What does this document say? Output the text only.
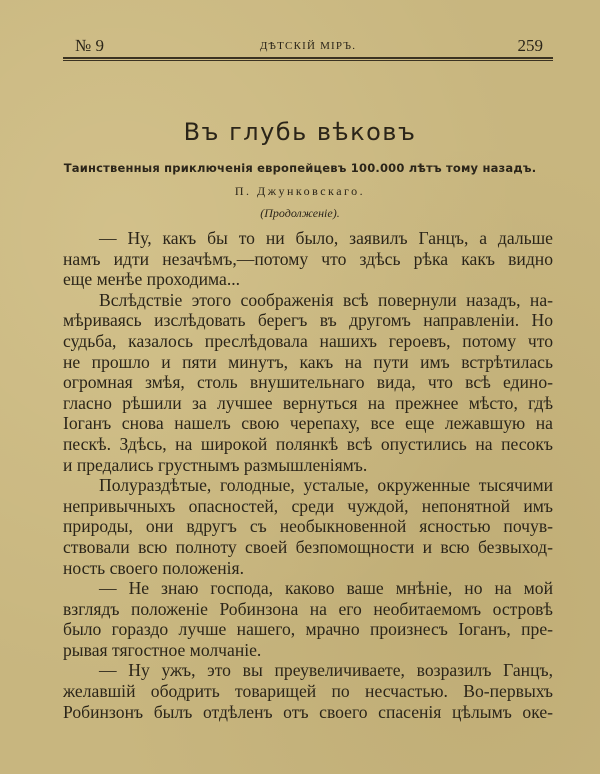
№ 9	ДѢТСКІЙ МІРЪ.	259
Въ глубь вѣковъ
Таинственныя приключенія европейцевъ 100.000 лѣтъ тому назадъ.
П. Джунковскаго.
(Продолженіе).
— Ну, какъ бы то ни было, заявилъ Ганцъ, а дальше
намъ идти незачѣмъ,—потому что здѣсь рѣка какъ видно
еще менѣе проходима...
Вслѣдствіе этого соображенія всѣ повернули назадъ, на-
мѣриваясь изслѣдовать берегъ въ другомъ направленіи. Но
судьба, казалось преслѣдовала нашихъ героевъ, потому что
не прошло и пяти минутъ, какъ на пути имъ встрѣтилась
огромная змѣя, столь внушительнаго вида, что всѣ едино-
гласно рѣшили за лучшее вернуться на прежнее мѣсто, гдѣ
Іоганъ снова нашелъ свою черепаху, все еще лежавшую на
пескѣ. Здѣсь, на широкой полянкѣ всѣ опустились на песокъ
и предались грустнымъ размышленіямъ.
Полураздѣтые, голодные, усталые, окруженные тысячими
непривычныхъ опасностей, среди чуждой, непонятной имъ
природы, они вдругъ съ необыкновенной ясностью почув-
ствовали всю полноту своей безпомощности и всю безвыход-
ность своего положенія.
— Не знаю господа, каково ваше мнѣніе, но на мой
взглядъ положеніе Робинзона на его необитаемомъ островѣ
было гораздо лучше нашего, мрачно произнесъ Іоганъ, пре-
рывая тягостное молчаніе.
— Ну ужъ, это вы преувеличиваете, возразилъ Ганцъ,
желавшій ободрить товарищей по несчастью. Во-первыхъ
Робинзонъ былъ отдѣленъ отъ своего спасенія цѣлымъ оке-
